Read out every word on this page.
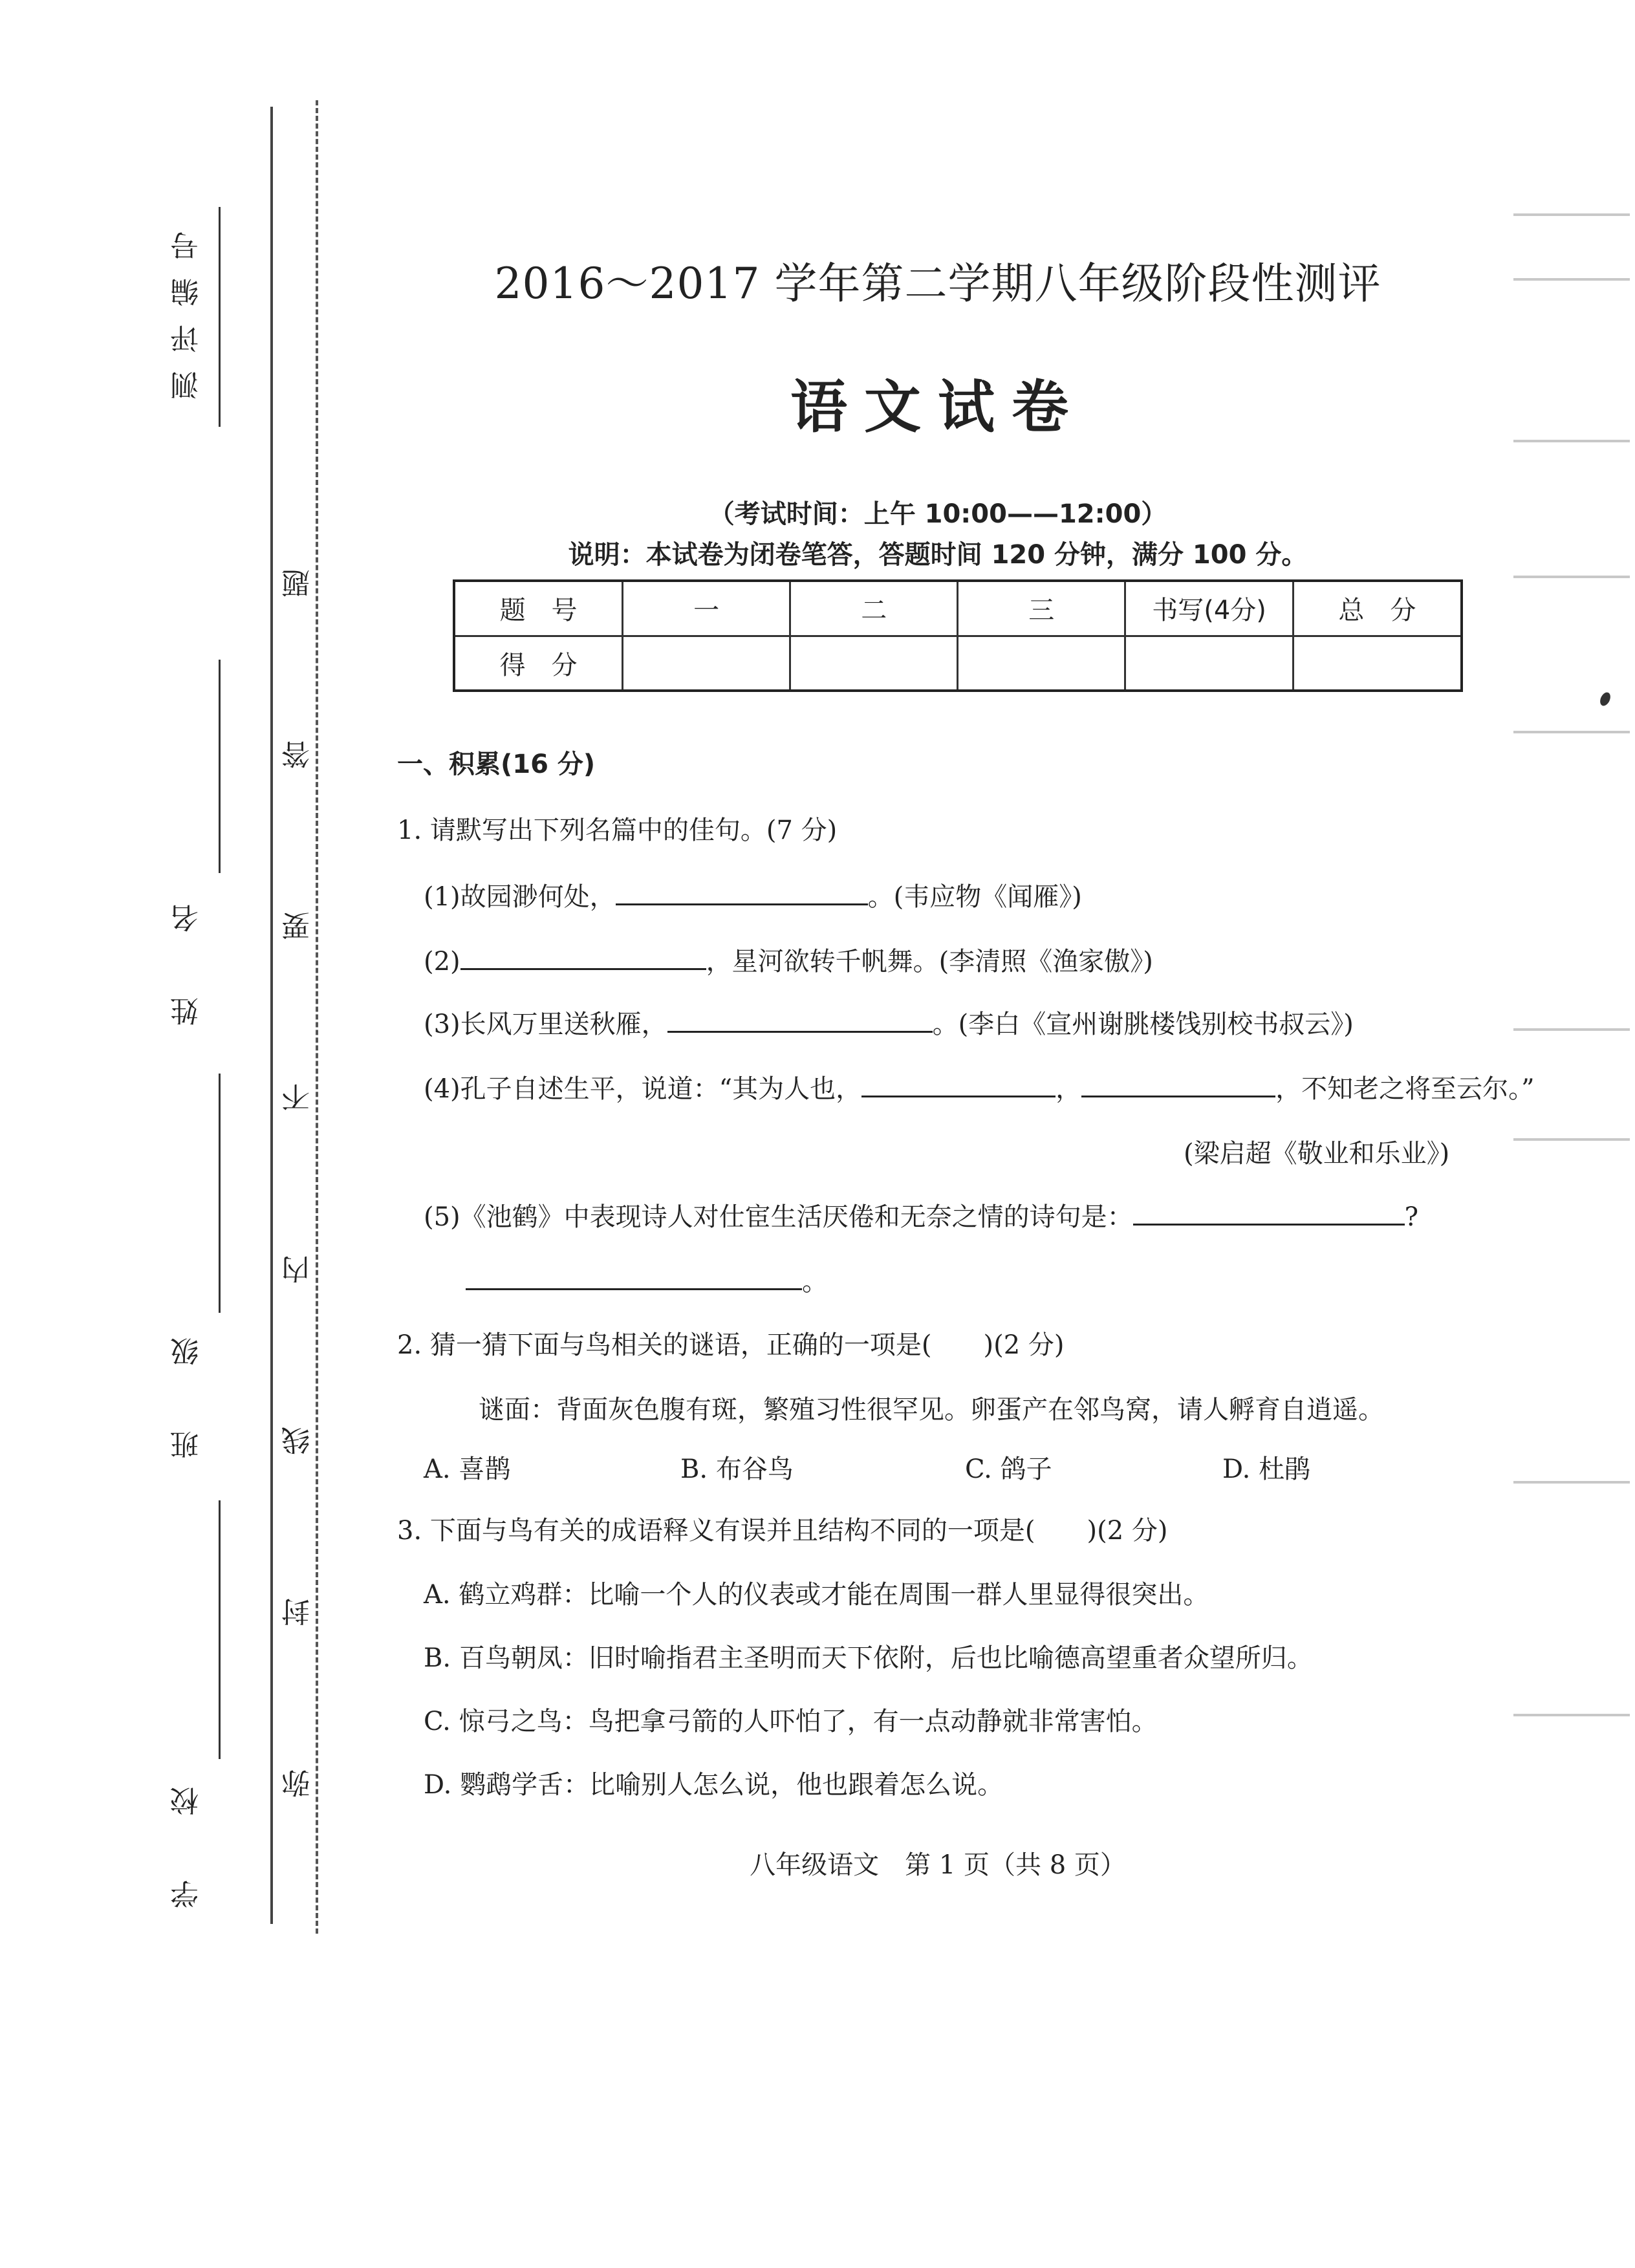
测评编号
姓　名
班　级
学　校	弥
封
线
内
不
要
答
题
2016～2017 学年第二学期八年级阶段性测评
语文试卷
（考试时间：上午 10:00——12:00）
说明：本试卷为闭卷笔答，答题时间 120 分钟，满分 100 分。
题　号	一	二	三	书写(4分)	总　分
得　分					
一、积累(16 分)
1. 请默写出下列名篇中的佳句。(7 分)
(1)故园渺何处，	。(韦应物《闻雁》)
(2)	，星河欲转千帆舞。(李清照《渔家傲》)
(3)长风万里送秋雁，	。(李白《宣州谢朓楼饯别校书叔云》)
(4)孔子自述生平，说道：“其为人也，	，	，不知老之将至云尔。”
(梁启超《敬业和乐业》)
(5)《池鹤》中表现诗人对仕宦生活厌倦和无奈之情的诗句是：	?
。
2. 猜一猜下面与鸟相关的谜语，正确的一项是( )(2 分)
谜面：背面灰色腹有斑，繁殖习性很罕见。卵蛋产在邻鸟窝，请人孵育自逍遥。
A. 喜鹊	B. 布谷鸟	C. 鸽子	D. 杜鹃
3. 下面与鸟有关的成语释义有误并且结构不同的一项是( )(2 分)
A. 鹤立鸡群：比喻一个人的仪表或才能在周围一群人里显得很突出。
B. 百鸟朝凤：旧时喻指君主圣明而天下依附，后也比喻德高望重者众望所归。
C. 惊弓之鸟：鸟把拿弓箭的人吓怕了，有一点动静就非常害怕。
D. 鹦鹉学舌：比喻别人怎么说，他也跟着怎么说。
八年级语文　第 1 页（共 8 页）
